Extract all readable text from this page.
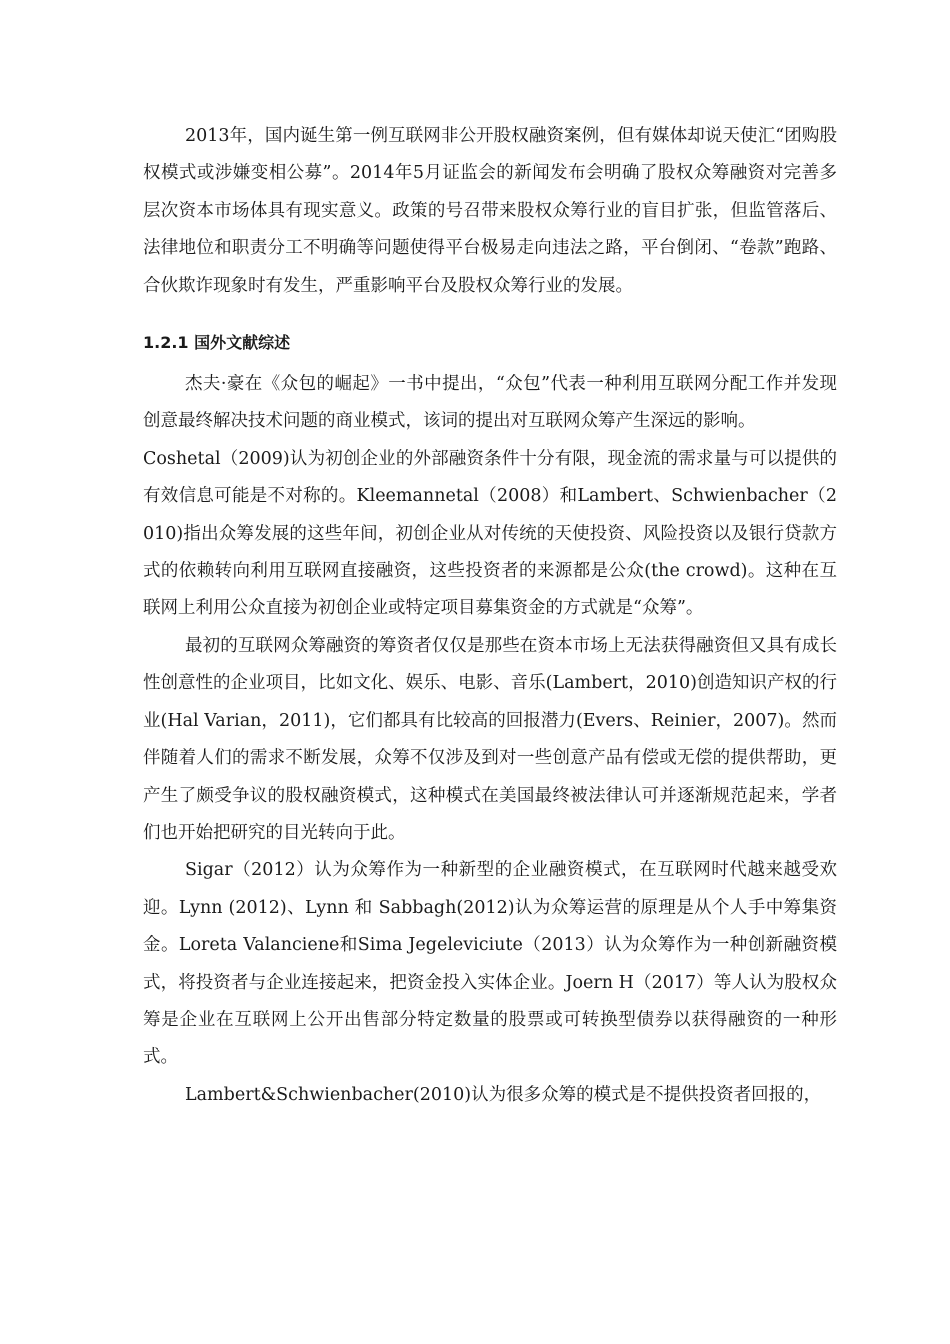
2013年，国内诞生第一例互联网非公开股权融资案例，但有媒体却说天使汇“团购股权模式或涉嫌变相公募”。2014年5月证监会的新闻发布会明确了股权众筹融资对完善多层次资本市场体具有现实意义。政策的号召带来股权众筹行业的盲目扩张，但监管落后、法律地位和职责分工不明确等问题使得平台极易走向违法之路，平台倒闭、“卷款”跑路、合伙欺诈现象时有发生，严重影响平台及股权众筹行业的发展。

1.2.1 国外文献综述

杰夫·豪在《众包的崛起》一书中提出，“众包”代表一种利用互联网分配工作并发现创意最终解决技术问题的商业模式，该词的提出对互联网众筹产生深远的影响。

Coshetal（2009)认为初创企业的外部融资条件十分有限，现金流的需求量与可以提供的有效信息可能是不对称的。Kleemannetal（2008）和Lambert、Schwienbacher（2010)指出众筹发展的这些年间，初创企业从对传统的天使投资、风险投资以及银行贷款方式的依赖转向利用互联网直接融资，这些投资者的来源都是公众(the crowd)。这种在互联网上利用公众直接为初创企业或特定项目募集资金的方式就是“众筹”。

最初的互联网众筹融资的筹资者仅仅是那些在资本市场上无法获得融资但又具有成长性创意性的企业项目，比如文化、娱乐、电影、音乐(Lambert，2010)创造知识产权的行业(Hal Varian，2011)，它们都具有比较高的回报潜力(Evers、Reinier，2007)。然而伴随着人们的需求不断发展，众筹不仅涉及到对一些创意产品有偿或无偿的提供帮助，更产生了颇受争议的股权融资模式，这种模式在美国最终被法律认可并逐渐规范起来，学者们也开始把研究的目光转向于此。

Sigar（2012）认为众筹作为一种新型的企业融资模式，在互联网时代越来越受欢迎。Lynn (2012)、Lynn 和 Sabbagh(2012)认为众筹运营的原理是从个人手中筹集资金。Loreta Valanciene和Sima Jegeleviciute（2013）认为众筹作为一种创新融资模式，将投资者与企业连接起来，把资金投入实体企业。Joern H（2017）等人认为股权众筹是企业在互联网上公开出售部分特定数量的股票或可转换型债券以获得融资的一种形式。

Lambert&Schwienbacher(2010)认为很多众筹的模式是不提供投资者回报的，
